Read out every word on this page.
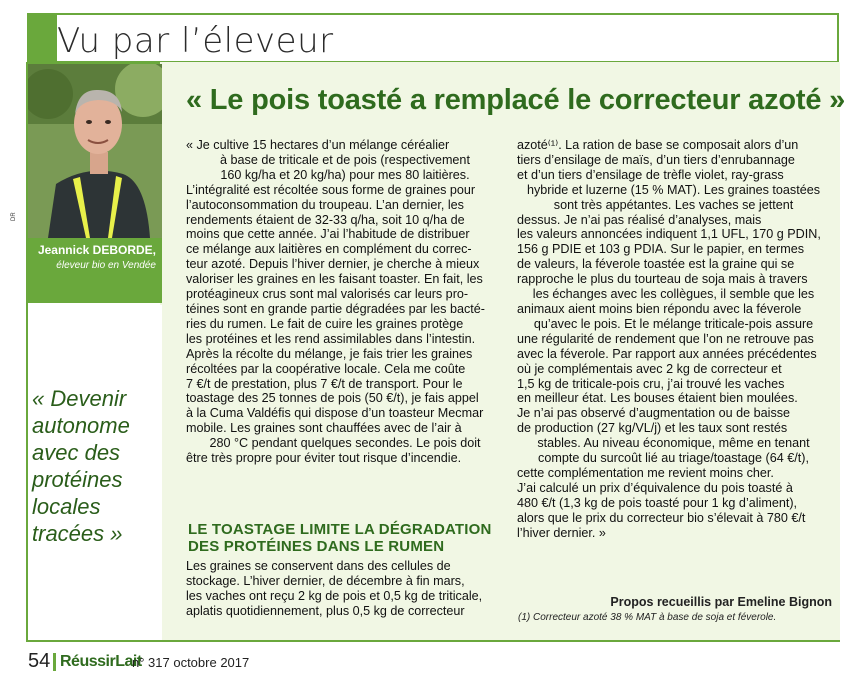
Vu par l’éleveur
DR
Jeannick DEBORDE,
éleveur bio en Vendée
« Devenir
autonome
avec des
protéines
locales
tracées »
« Le pois toasté a remplacé le correcteur azoté »
« Je cultive 15 hectares d’un mélange céréalier
à base de triticale et de pois (respectivement
160 kg/ha et 20 kg/ha) pour mes 80 laitières.
L’intégralité est récoltée sous forme de graines pour
l’autoconsommation du troupeau. L’an dernier, les
rendements étaient de 32-33 q/ha, soit 10 q/ha de
moins que cette année. J’ai l’habitude de distribuer
ce mélange aux laitières en complément du correc-
teur azoté. Depuis l’hiver dernier, je cherche à mieux
valoriser les graines en les faisant toaster. En fait, les
protéagineux crus sont mal valorisés car leurs pro-
téines sont en grande partie dégradées par les bacté-
ries du rumen. Le fait de cuire les graines protège
les protéines et les rend assimilables dans l’intestin.
Après la récolte du mélange, je fais trier les graines
récoltées par la coopérative locale. Cela me coûte
7 €/t de prestation, plus 7 €/t de transport. Pour le
toastage des 25 tonnes de pois (50 €/t), je fais appel
à la Cuma Valdéfis qui dispose d’un toasteur Mecmar
mobile. Les graines sont chauffées avec de l’air à
280 °C pendant quelques secondes. Le pois doit
être très propre pour éviter tout risque d’incendie.
LE TOASTAGE LIMITE LA DÉGRADATION
DES PROTÉINES DANS LE RUMEN
Les graines se conservent dans des cellules de
stockage. L’hiver dernier, de décembre à fin mars,
les vaches ont reçu 2 kg de pois et 0,5 kg de triticale,
aplatis quotidiennement, plus 0,5 kg de correcteur
azoté⁽¹⁾. La ration de base se composait alors d’un
tiers d’ensilage de maïs, d’un tiers d’enrubannage
et d’un tiers d’ensilage de trèfle violet, ray-grass
hybride et luzerne (15 % MAT). Les graines toastées
sont très appétantes. Les vaches se jettent
dessus. Je n’ai pas réalisé d’analyses, mais
les valeurs annoncées indiquent 1,1 UFL, 170 g PDIN,
156 g PDIE et 103 g PDIA. Sur le papier, en termes
de valeurs, la féverole toastée est la graine qui se
rapproche le plus du tourteau de soja mais à travers
les échanges avec les collègues, il semble que les
animaux aient moins bien répondu avec la féverole
qu’avec le pois. Et le mélange triticale-pois assure
une régularité de rendement que l’on ne retrouve pas
avec la féverole. Par rapport aux années précédentes
où je complémentais avec 2 kg de correcteur et
1,5 kg de triticale-pois cru, j’ai trouvé les vaches
en meilleur état. Les bouses étaient bien moulées.
Je n’ai pas observé d’augmentation ou de baisse
de production (27 kg/VL/j) et les taux sont restés
stables. Au niveau économique, même en tenant
compte du surcoût lié au triage/toastage (64 €/t),
cette complémentation me revient moins cher.
J’ai calculé un prix d’équivalence du pois toasté à
480 €/t (1,3 kg de pois toasté pour 1 kg d’aliment),
alors que le prix du correcteur bio s’élevait à 780 €/t
l’hiver dernier. »
Propos recueillis par Emeline Bignon
(1) Correcteur azoté 38 % MAT à base de soja et féverole.
54 RéussirLait
n° 317 octobre 2017
